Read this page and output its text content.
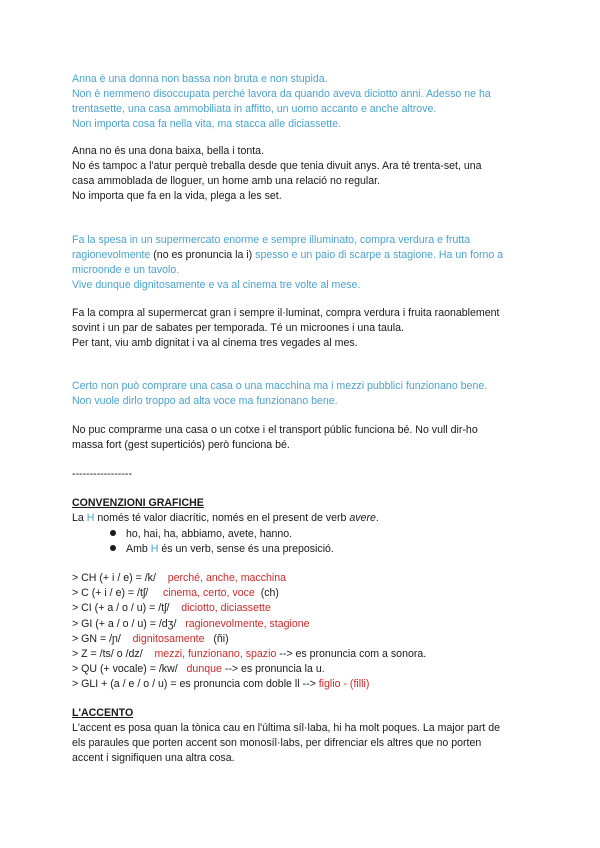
Anna è una donna non bassa non bruta e non stupida.
Non è nemmeno disoccupata perché lavora da quando aveva diciotto anni. Adesso ne ha
trentasette, una casa ammobiliata in affitto, un uomo accanto e anche altrove.
Non importa cosa fa nella vita, ma stacca alle diciassette.
Anna no és una dona baixa, bella i tonta.
No és tampoc a l'atur perquè treballa desde que tenia divuit anys. Ara té trenta-set, una
casa ammoblada de lloguer, un home amb una relació no regular.
No importa que fa en la vida, plega a les set.
Fa la spesa in un supermercato enorme e sempre illuminato, compra verdura e frutta
ragionevolmente (no es pronuncia la i) spesso e un paio di scarpe a stagione. Ha un forno a
microonde e un tavolo.
Vive dunque dignitosamente e va al cinema tre volte al mese.
Fa la compra al supermercat gran i sempre il·luminat, compra verdura i fruita raonablement
sovint i un par de sabates per temporada. Té un microones i una taula.
Per tant, viu amb dignitat i va al cinema tres vegades al mes.
Certo non può comprare una casa o una macchina ma i mezzi pubblici funzionano bene.
Non vuole dirlo troppo ad alta voce ma funzionano bene.
No puc comprarme una casa o un cotxe i el transport públic funciona bé. No vull dir-ho
massa fort (gest superticiós) però funciona bé.
-----------------
CONVENZIONI GRAFICHE
La H només té valor diacrític, només en el present de verb avere.
ho, hai, ha, abbiamo, avete, hanno.
Amb H és un verb, sense és una preposició.
> CH (+ i / e) = /k/ perché, anche, macchina
> C (+ i / e) = /tʃ/ cinema, certo, voce (ch)
> CI (+ a / o / u) = /tʃ/ diciotto, diciassette
> GI (+ a / o / u) = /dʒ/ ragionevolmente, stagione
> GN = /ɲ/ dignitosamente (ñi)
> Z = /ts/ o /dz/ mezzi, funzionano, spazio --> es pronuncia com a sonora.
> QU (+ vocale) = /kw/ dunque --> es pronuncia la u.
> GLI + (a / e / o / u) = es pronuncia com doble ll --> figlio - (filli)
L'ACCENTO
L'accent es posa quan la tònica cau en l'última síl·laba, hi ha molt poques. La major part de
els paraules que porten accent son monosíl·labs, per difrenciar els altres que no porten
accent i signifiquen una altra cosa.
